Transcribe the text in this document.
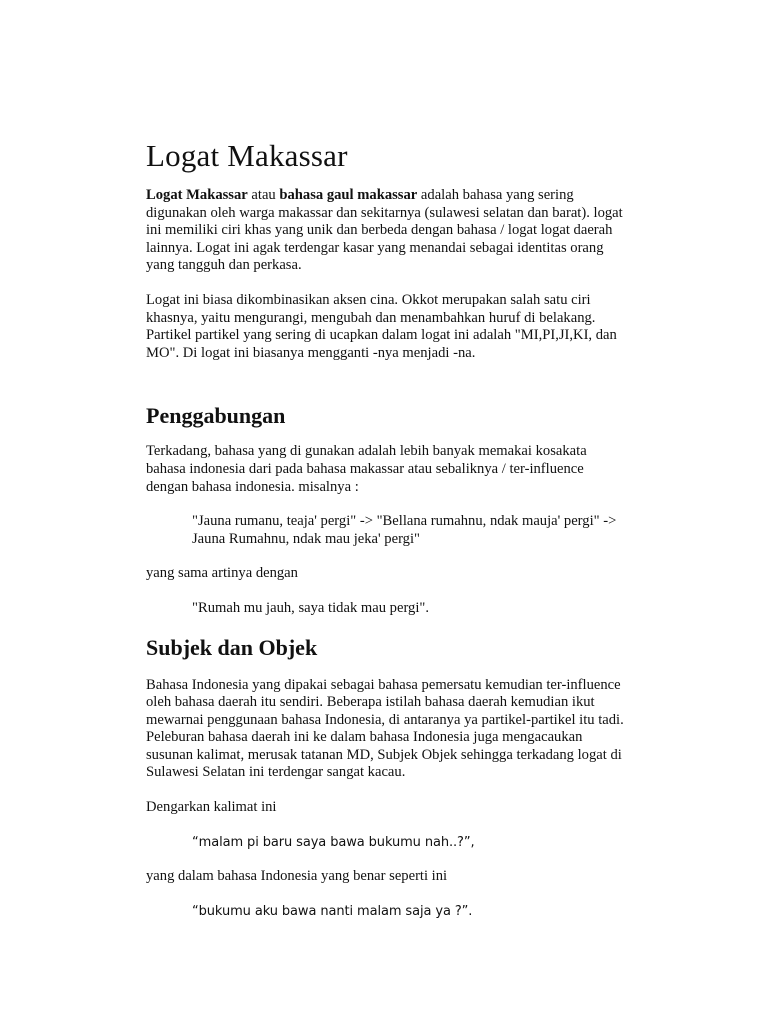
Logat Makassar

Logat Makassar atau bahasa gaul makassar adalah bahasa yang sering
digunakan oleh warga makassar dan sekitarnya (sulawesi selatan dan barat). logat
ini memiliki ciri khas yang unik dan berbeda dengan bahasa / logat logat daerah
lainnya. Logat ini agak terdengar kasar yang menandai sebagai identitas orang
yang tangguh dan perkasa.

Logat ini biasa dikombinasikan aksen cina. Okkot merupakan salah satu ciri
khasnya, yaitu mengurangi, mengubah dan menambahkan huruf di belakang.
Partikel partikel yang sering di ucapkan dalam logat ini adalah "MI,PI,JI,KI, dan
MO". Di logat ini biasanya mengganti -nya menjadi -na.

Penggabungan

Terkadang, bahasa yang di gunakan adalah lebih banyak memakai kosakata
bahasa indonesia dari pada bahasa makassar atau sebaliknya / ter-influence
dengan bahasa indonesia. misalnya :

"Jauna rumanu, teaja' pergi" -> "Bellana rumahnu, ndak mauja' pergi" ->
Jauna Rumahnu, ndak mau jeka' pergi"

yang sama artinya dengan

"Rumah mu jauh, saya tidak mau pergi".

Subjek dan Objek

Bahasa Indonesia yang dipakai sebagai bahasa pemersatu kemudian ter-influence
oleh bahasa daerah itu sendiri. Beberapa istilah bahasa daerah kemudian ikut
mewarnai penggunaan bahasa Indonesia, di antaranya ya partikel-partikel itu tadi.
Peleburan bahasa daerah ini ke dalam bahasa Indonesia juga mengacaukan
susunan kalimat, merusak tatanan MD, Subjek Objek sehingga terkadang logat di
Sulawesi Selatan ini terdengar sangat kacau.

Dengarkan kalimat ini

“malam pi baru saya bawa bukumu nah..?”,

yang dalam bahasa Indonesia yang benar seperti ini

“bukumu aku bawa nanti malam saja ya ?”.
